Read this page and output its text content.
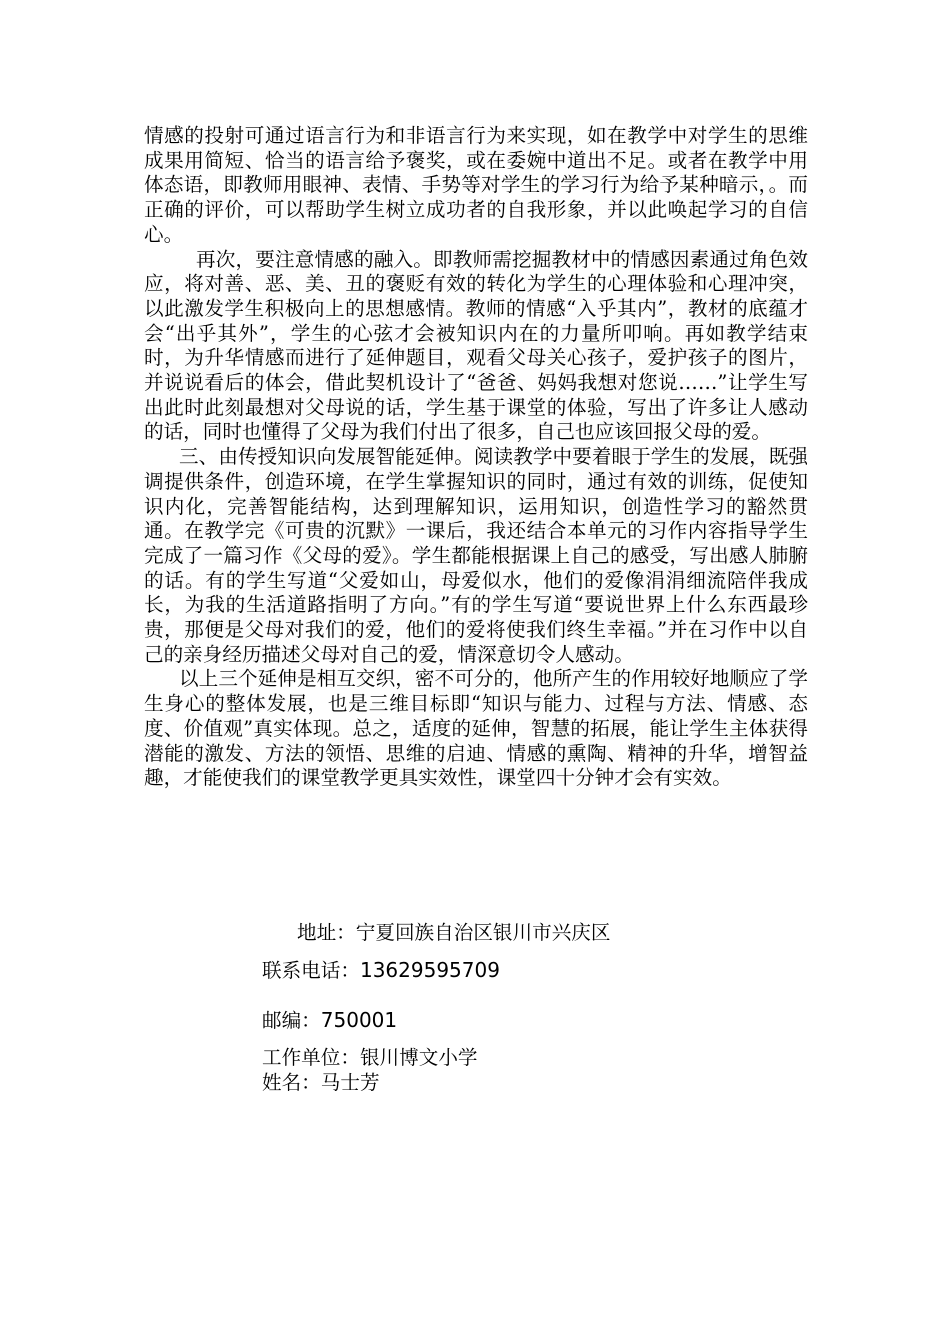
情感的投射可通过语言行为和非语言行为来实现，如在教学中对学生的思维成果用简短、恰当的语言给予褒奖，或在委婉中道出不足。或者在教学中用体态语，即教师用眼神、表情、手势等对学生的学习行为给予某种暗示，。而正确的评价，可以帮助学生树立成功者的自我形象，并以此唤起学习的自信心。

再次，要注意情感的融入。即教师需挖掘教材中的情感因素通过角色效应，将对善、恶、美、丑的褒贬有效的转化为学生的心理体验和心理冲突，以此激发学生积极向上的思想感情。教师的情感“入乎其内”，教材的底蕴才会“出乎其外”，学生的心弦才会被知识内在的力量所叩响。再如教学结束时，为升华情感而进行了延伸题目，观看父母关心孩子，爱护孩子的图片，并说说看后的体会，借此契机设计了“爸爸、妈妈我想对您说……”让学生写出此时此刻最想对父母说的话，学生基于课堂的体验，写出了许多让人感动的话，同时也懂得了父母为我们付出了很多，自己也应该回报父母的爱。

三、由传授知识向发展智能延伸。阅读教学中要着眼于学生的发展，既强调提供条件，创造环境，在学生掌握知识的同时，通过有效的训练，促使知识内化，完善智能结构，达到理解知识，运用知识，创造性学习的豁然贯通。在教学完《可贵的沉默》一课后，我还结合本单元的习作内容指导学生完成了一篇习作《父母的爱》。学生都能根据课上自己的感受，写出感人肺腑的话。有的学生写道“父爱如山，母爱似水，他们的爱像涓涓细流陪伴我成长，为我的生活道路指明了方向。”有的学生写道“要说世界上什么东西最珍贵，那便是父母对我们的爱，他们的爱将使我们终生幸福。”并在习作中以自己的亲身经历描述父母对自己的爱，情深意切令人感动。

以上三个延伸是相互交织，密不可分的，他所产生的作用较好地顺应了学生身心的整体发展，也是三维目标即“知识与能力、过程与方法、情感、态度、价值观”真实体现。总之，适度的延伸，智慧的拓展，能让学生主体获得潜能的激发、方法的领悟、思维的启迪、情感的熏陶、精神的升华，增智益趣，才能使我们的课堂教学更具实效性，课堂四十分钟才会有实效。

地址：宁夏回族自治区银川市兴庆区

联系电话：13629595709

邮编：750001

工作单位：银川博文小学

姓名：马士芳
